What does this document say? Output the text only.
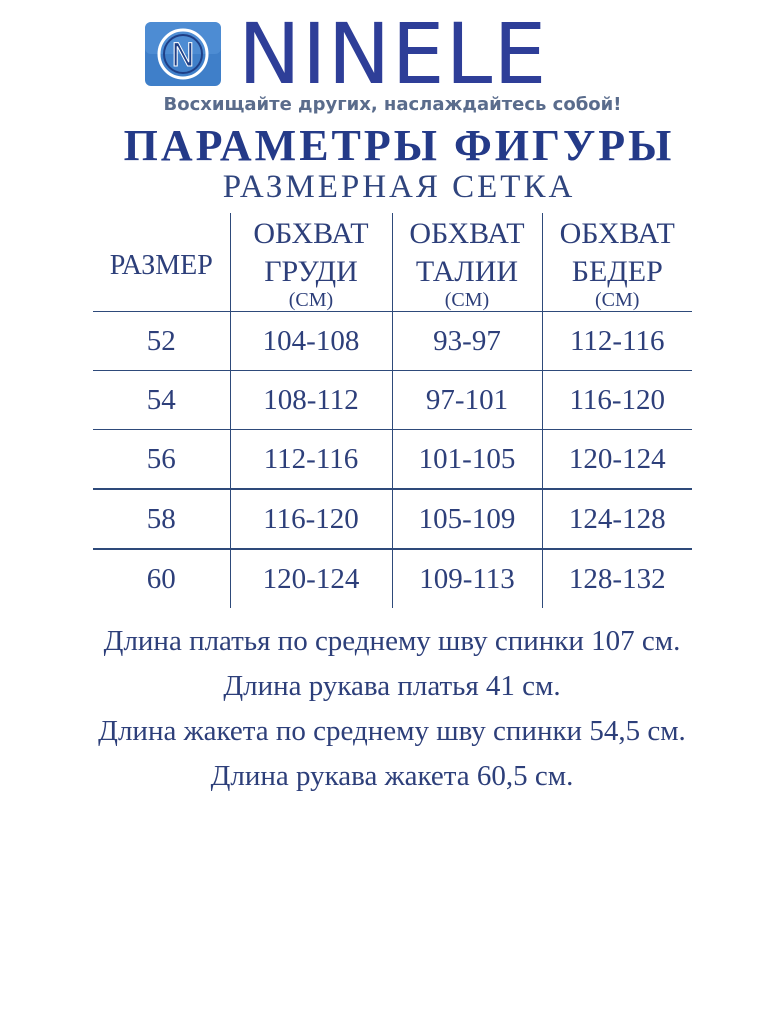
N NINELE
Восхищайте других, наслаждайтесь собой!
ПАРАМЕТРЫ ФИГУРЫ
РАЗМЕРНАЯ СЕТКА
РАЗМЕР	ОБХВАТ
ГРУДИ
(СМ)	ОБХВАТ
ТАЛИИ
(СМ)	ОБХВАТ
БЕДЕР
(СМ)

52	104-108	93-97	112-116
54	108-112	97-101	116-120
56	112-116	101-105	120-124
58	116-120	105-109	124-128
60	120-124	109-113	128-132

Длина платья по среднему шву спинки 107 см.

Длина рукава платья 41 см.

Длина жакета по среднему шву спинки 54,5 см.

Длина рукава жакета 60,5 см.
